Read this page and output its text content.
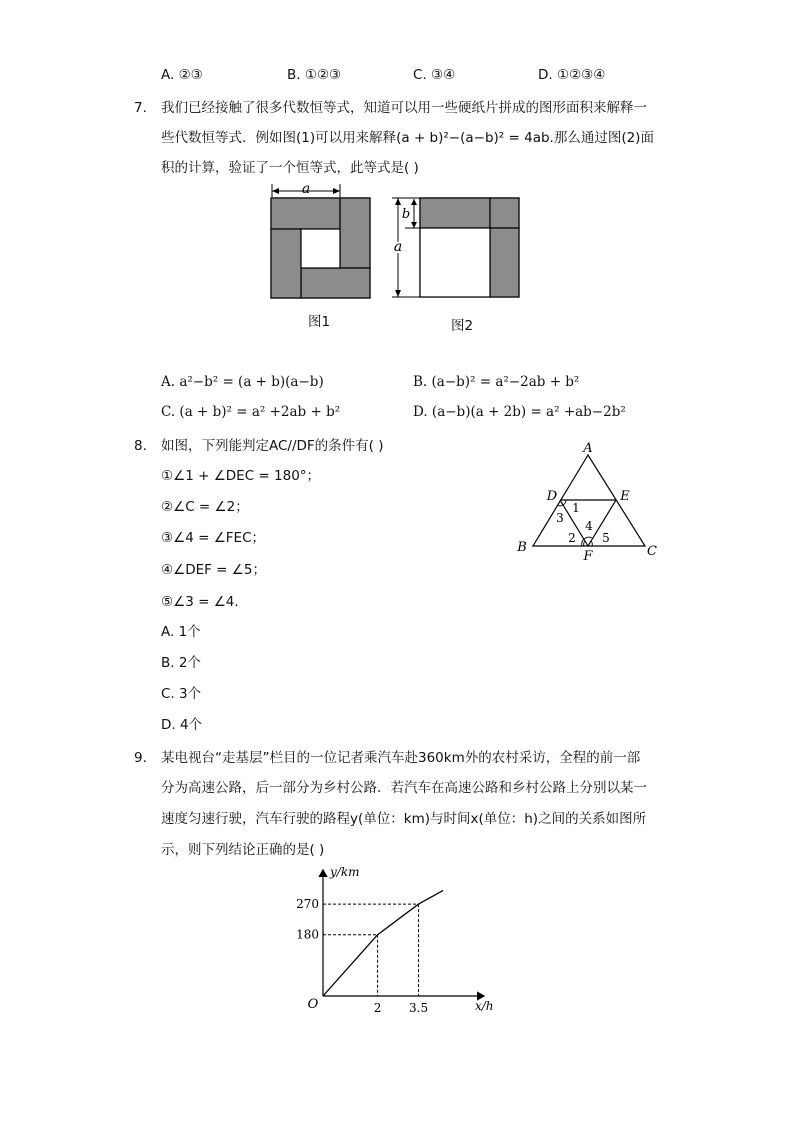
A. ②③	B. ①②③	C. ③④	D. ①②③④
7. 我们已经接触了很多代数恒等式，知道可以用一些硬纸片拼成的图形面积来解释一
些代数恒等式．例如图(1)可以用来解释(a + b)²−(a−b)² = 4ab.那么通过图(2)面
积的计算，验证了一个恒等式，此等式是( )
a
图1
a
b
图2
A. a²−b² = (a + b)(a−b)	B. (a−b)² = a²−2ab + b²
C. (a + b)² = a² +2ab + b²	D. (a−b)(a + 2b) = a² +ab−2b²
8. 如图，下列能判定AC//DF的条件有( )
①∠1 + ∠DEC = 180°；
②∠C = ∠2；
③∠4 = ∠FEC；
④∠DEF = ∠5；
⑤∠3 = ∠4.
A. 1个
B. 2个
C. 3个
D. 4个
A
B	C
D	E
F
1
3
4
2 5
9. 某电视台“走基层”栏目的一位记者乘汽车赴360km外的农村采访，全程的前一部
分为高速公路，后一部分为乡村公路．若汽车在高速公路和乡村公路上分别以某一
速度匀速行驶，汽车行驶的路程y(单位：km)与时间x(单位：h)之间的关系如图所
示，则下列结论正确的是( )
y/km
x/h
O	2 3.5
180
270
